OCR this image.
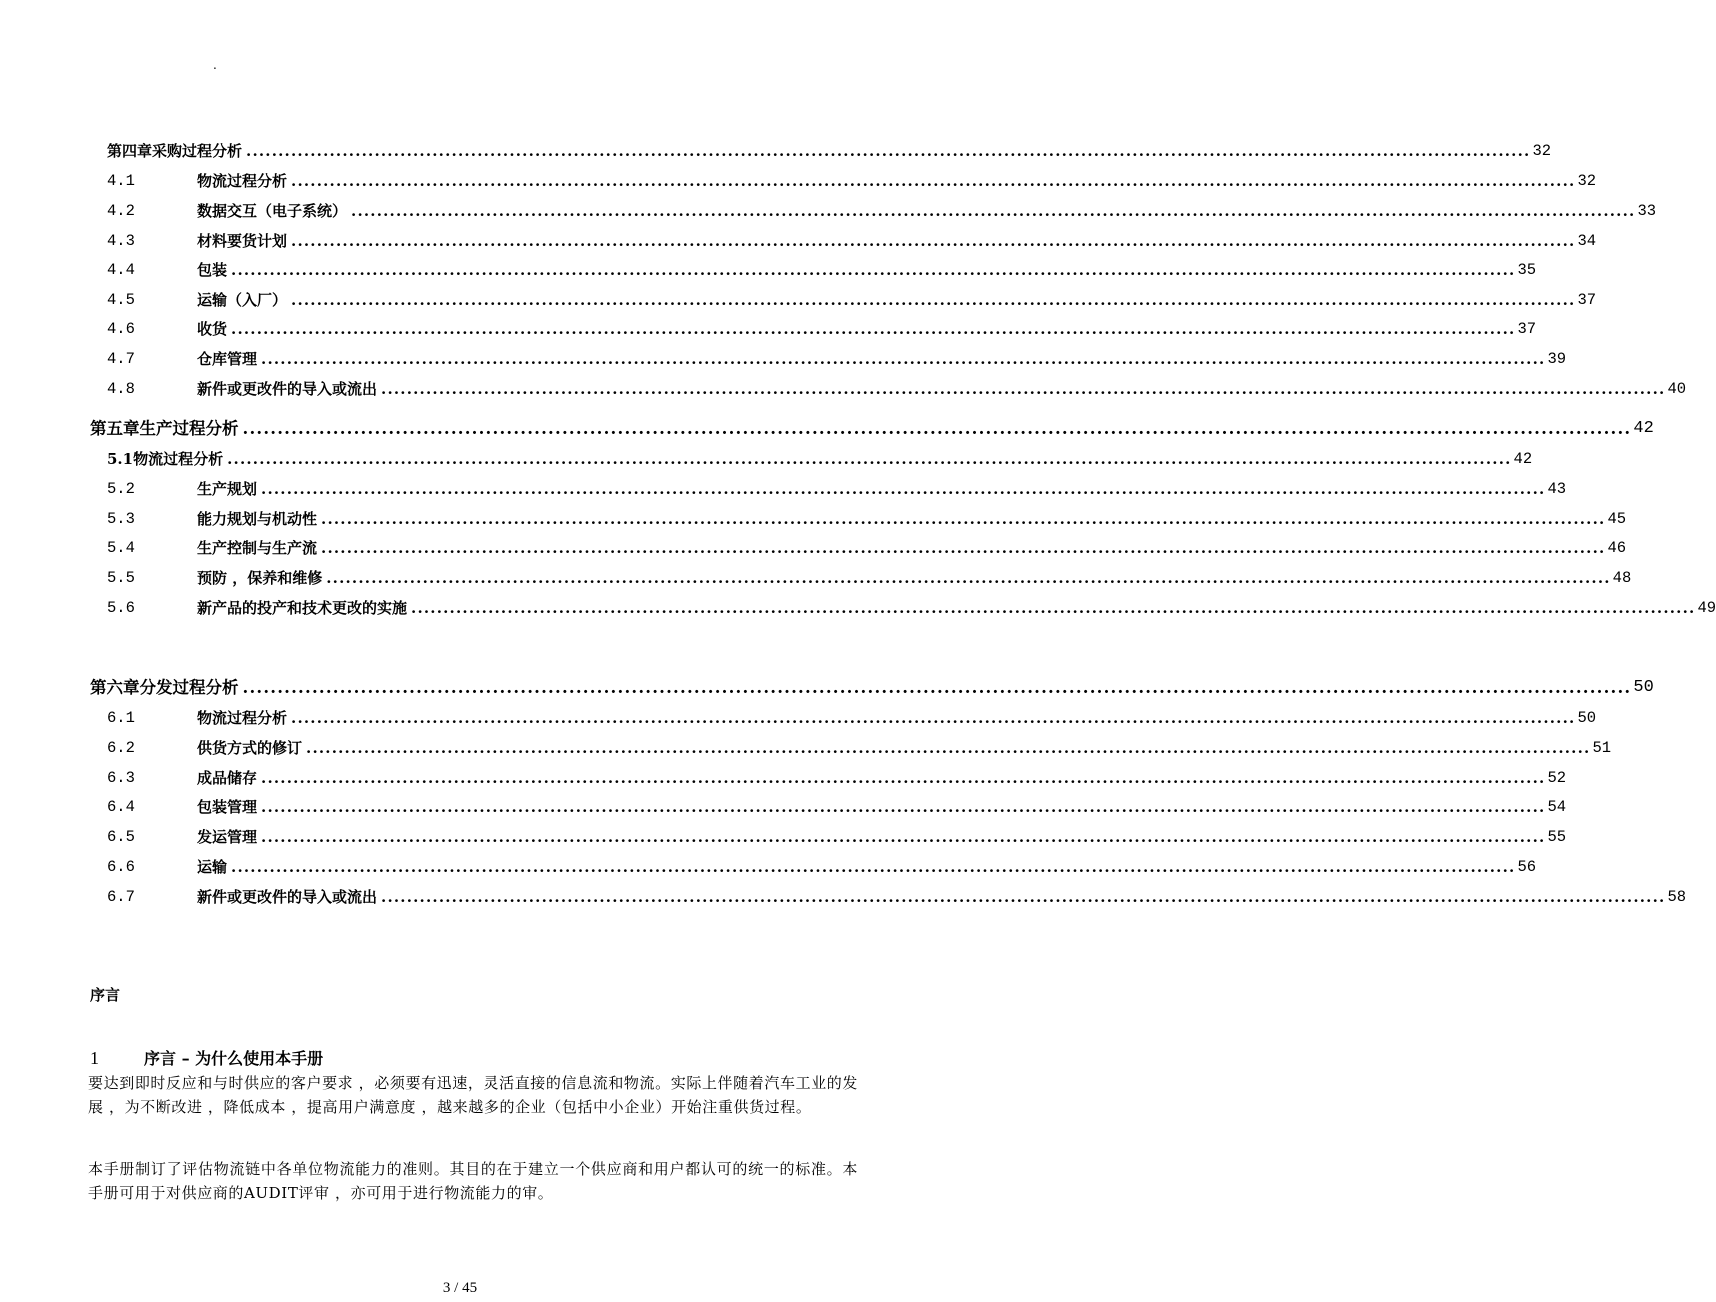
.
第四章采购过程分析 ........................................................................................................................................................................................................ 32
4.1	物流过程分析 ........................................................................................................................................................................................................ 32
4.2	数据交互（电子系统） ........................................................................................................................................................................................................ 33
4.3	材料要货计划 ........................................................................................................................................................................................................ 34
4.4	包装 ........................................................................................................................................................................................................ 35
4.5	运输（入厂） ........................................................................................................................................................................................................ 37
4.6	收货 ........................................................................................................................................................................................................ 37
4.7	仓库管理 ........................................................................................................................................................................................................ 39
4.8	新件或更改件的导入或流出 ........................................................................................................................................................................................................ 40
第五章生产过程分析 ........................................................................................................................................................................................................ 42
5.1物流过程分析 ........................................................................................................................................................................................................ 42
5.2	生产规划 ........................................................................................................................................................................................................ 43
5.3	能力规划与机动性 ........................................................................................................................................................................................................ 45
5.4	生产控制与生产流 ........................................................................................................................................................................................................ 46
5.5	预防 ，保养和维修 ........................................................................................................................................................................................................ 48
5.6	新产品的投产和技术更改的实施 ........................................................................................................................................................................................................ 49
第六章分发过程分析 ........................................................................................................................................................................................................ 50
6.1	物流过程分析 ........................................................................................................................................................................................................ 50
6.2	供货方式的修订 ........................................................................................................................................................................................................ 51
6.3	成品储存 ........................................................................................................................................................................................................ 52
6.4	包装管理 ........................................................................................................................................................................................................ 54
6.5	发运管理 ........................................................................................................................................................................................................ 55
6.6	运输 ........................................................................................................................................................................................................ 56
6.7	新件或更改件的导入或流出 ........................................................................................................................................................................................................ 58
序言
1	序言 – 为什么使用本手册
要达到即时反应和与时供应的客户要求 ，必须要有迅速，灵活直接的信息流和物流。实际上伴随着汽车工业的发展 ，为不断改进 ，降低成本 ，提高用户满意度 ，越来越多的企业（包括中小企业）开始注重供货过程。
本手册制订了评估物流链中各单位物流能力的准则。其目的在于建立一个供应商和用户都认可的统一的标准。本手册可用于对供应商的AUDIT评审 ，亦可用于进行物流能力的审。
3 / 45
